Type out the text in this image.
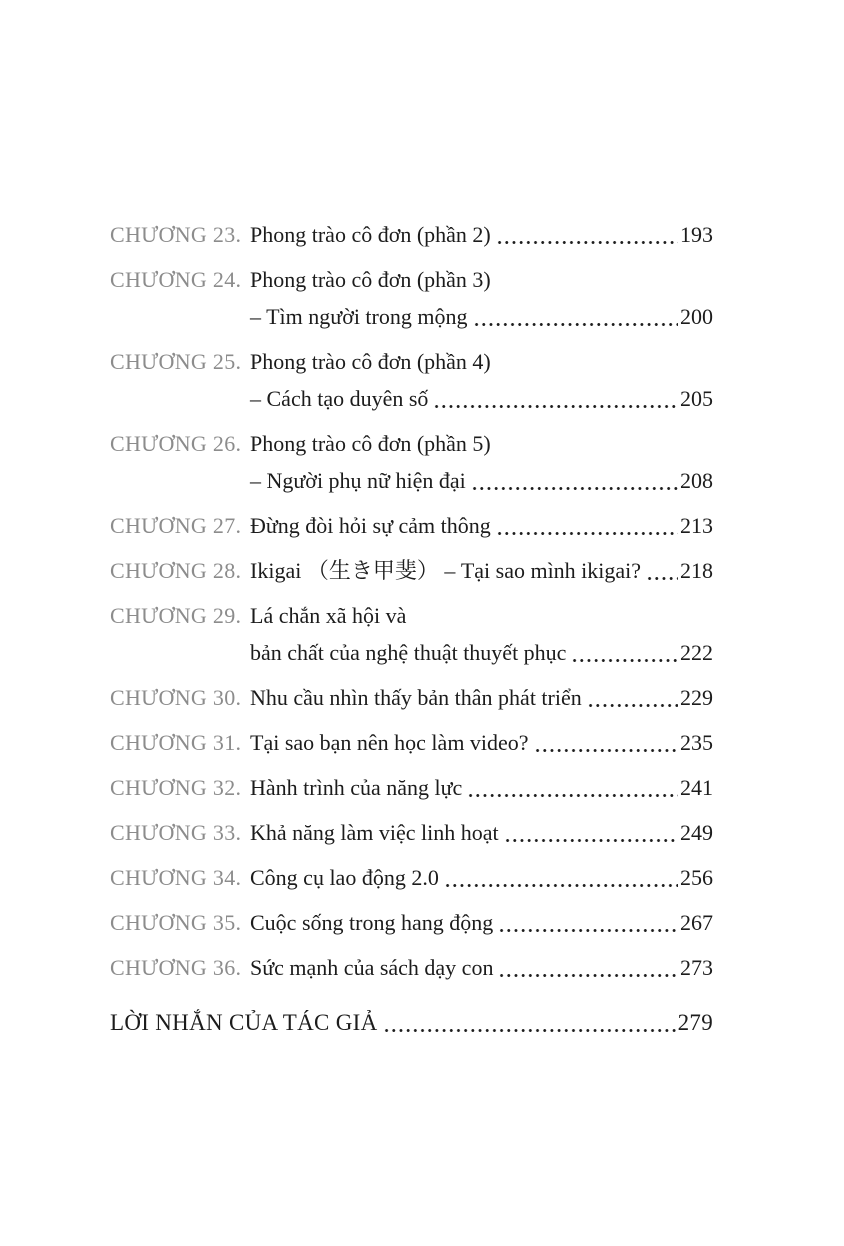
CHƯƠNG 23. Phong trào cô đơn (phần 2)	193
CHƯƠNG 24. Phong trào cô đơn (phần 3)
– Tìm người trong mộng	200
CHƯƠNG 25. Phong trào cô đơn (phần 4)
– Cách tạo duyên số	205
CHƯƠNG 26. Phong trào cô đơn (phần 5)
– Người phụ nữ hiện đại	208
CHƯƠNG 27. Đừng đòi hỏi sự cảm thông	213
CHƯƠNG 28. Ikigai （生き甲斐） – Tại sao mình ikigai? 218
CHƯƠNG 29. Lá chắn xã hội và
bản chất của nghệ thuật thuyết phục	222
CHƯƠNG 30. Nhu cầu nhìn thấy bản thân phát triển	229
CHƯƠNG 31. Tại sao bạn nên học làm video?	235
CHƯƠNG 32. Hành trình của năng lực	241
CHƯƠNG 33. Khả năng làm việc linh hoạt	249
CHƯƠNG 34. Công cụ lao động 2.0	256
CHƯƠNG 35. Cuộc sống trong hang động	267
CHƯƠNG 36. Sức mạnh của sách dạy con	273
LỜI NHẮN CỦA TÁC GIẢ	279
